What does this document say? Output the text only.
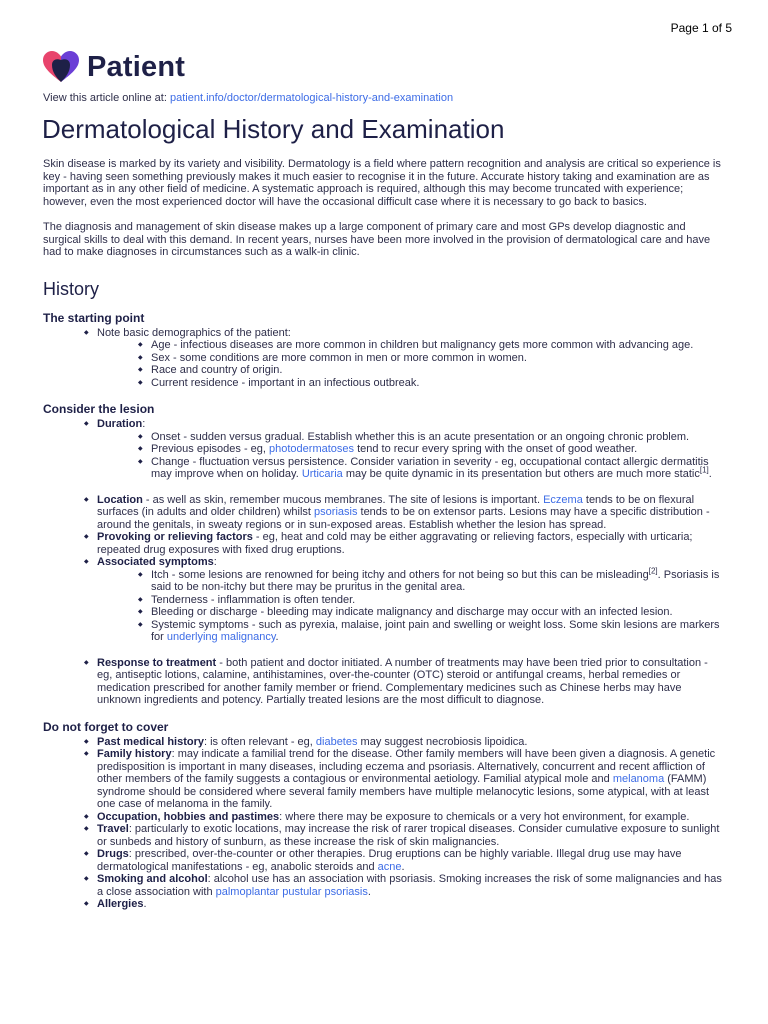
Page 1 of 5
Patient
View this article online at: patient.info/doctor/dermatological-history-and-examination
Dermatological History and Examination

Skin disease is marked by its variety and visibility. Dermatology is a field where pattern recognition and analysis are critical so experience is key - having seen something previously makes it much easier to recognise it in the future. Accurate history taking and examination are as important as in any other field of medicine. A systematic approach is required, although this may become truncated with experience; however, even the most experienced doctor will have the occasional difficult case where it is necessary to go back to basics.

The diagnosis and management of skin disease makes up a large component of primary care and most GPs develop diagnostic and surgical skills to deal with this demand. In recent years, nurses have been more involved in the provision of dermatological care and have had to make diagnoses in circumstances such as a walk-in clinic.

History
The starting point
◆ Note basic demographics of the patient:
◆ Age - infectious diseases are more common in children but malignancy gets more common with advancing age.
◆ Sex - some conditions are more common in men or more common in women.
◆ Race and country of origin.
◆ Current residence - important in an infectious outbreak.
Consider the lesion
◆ Duration:
◆ Onset - sudden versus gradual. Establish whether this is an acute presentation or an ongoing chronic problem.
◆ Previous episodes - eg, photodermatoses tend to recur every spring with the onset of good weather.
◆ Change - fluctuation versus persistence. Consider variation in severity - eg, occupational contact allergic dermatitis may improve when on holiday. Urticaria may be quite dynamic in its presentation but others are much more static[1].
◆ Location - as well as skin, remember mucous membranes. The site of lesions is important. Eczema tends to be on flexural surfaces (in adults and older children) whilst psoriasis tends to be on extensor parts. Lesions may have a specific distribution - around the genitals, in sweaty regions or in sun-exposed areas. Establish whether the lesion has spread.
◆ Provoking or relieving factors - eg, heat and cold may be either aggravating or relieving factors, especially with urticaria; repeated drug exposures with fixed drug eruptions.
◆ Associated symptoms:
◆ Itch - some lesions are renowned for being itchy and others for not being so but this can be misleading[2]. Psoriasis is said to be non-itchy but there may be pruritus in the genital area.
◆ Tenderness - inflammation is often tender.
◆ Bleeding or discharge - bleeding may indicate malignancy and discharge may occur with an infected lesion.
◆ Systemic symptoms - such as pyrexia, malaise, joint pain and swelling or weight loss. Some skin lesions are markers for underlying malignancy.
◆ Response to treatment - both patient and doctor initiated. A number of treatments may have been tried prior to consultation - eg, antiseptic lotions, calamine, antihistamines, over-the-counter (OTC) steroid or antifungal creams, herbal remedies or medication prescribed for another family member or friend. Complementary medicines such as Chinese herbs may have unknown ingredients and potency. Partially treated lesions are the most difficult to diagnose.
Do not forget to cover
◆ Past medical history: is often relevant - eg, diabetes may suggest necrobiosis lipoidica.
◆ Family history: may indicate a familial trend for the disease. Other family members will have been given a diagnosis. A genetic predisposition is important in many diseases, including eczema and psoriasis. Alternatively, concurrent and recent affliction of other members of the family suggests a contagious or environmental aetiology. Familial atypical mole and melanoma (FAMM) syndrome should be considered where several family members have multiple melanocytic lesions, some atypical, with at least one case of melanoma in the family.
◆ Occupation, hobbies and pastimes: where there may be exposure to chemicals or a very hot environment, for example.
◆ Travel: particularly to exotic locations, may increase the risk of rarer tropical diseases. Consider cumulative exposure to sunlight or sunbeds and history of sunburn, as these increase the risk of skin malignancies.
◆ Drugs: prescribed, over-the-counter or other therapies. Drug eruptions can be highly variable. Illegal drug use may have dermatological manifestations - eg, anabolic steroids and acne.
◆ Smoking and alcohol: alcohol use has an association with psoriasis. Smoking increases the risk of some malignancies and has a close association with palmoplantar pustular psoriasis.
◆ Allergies.
